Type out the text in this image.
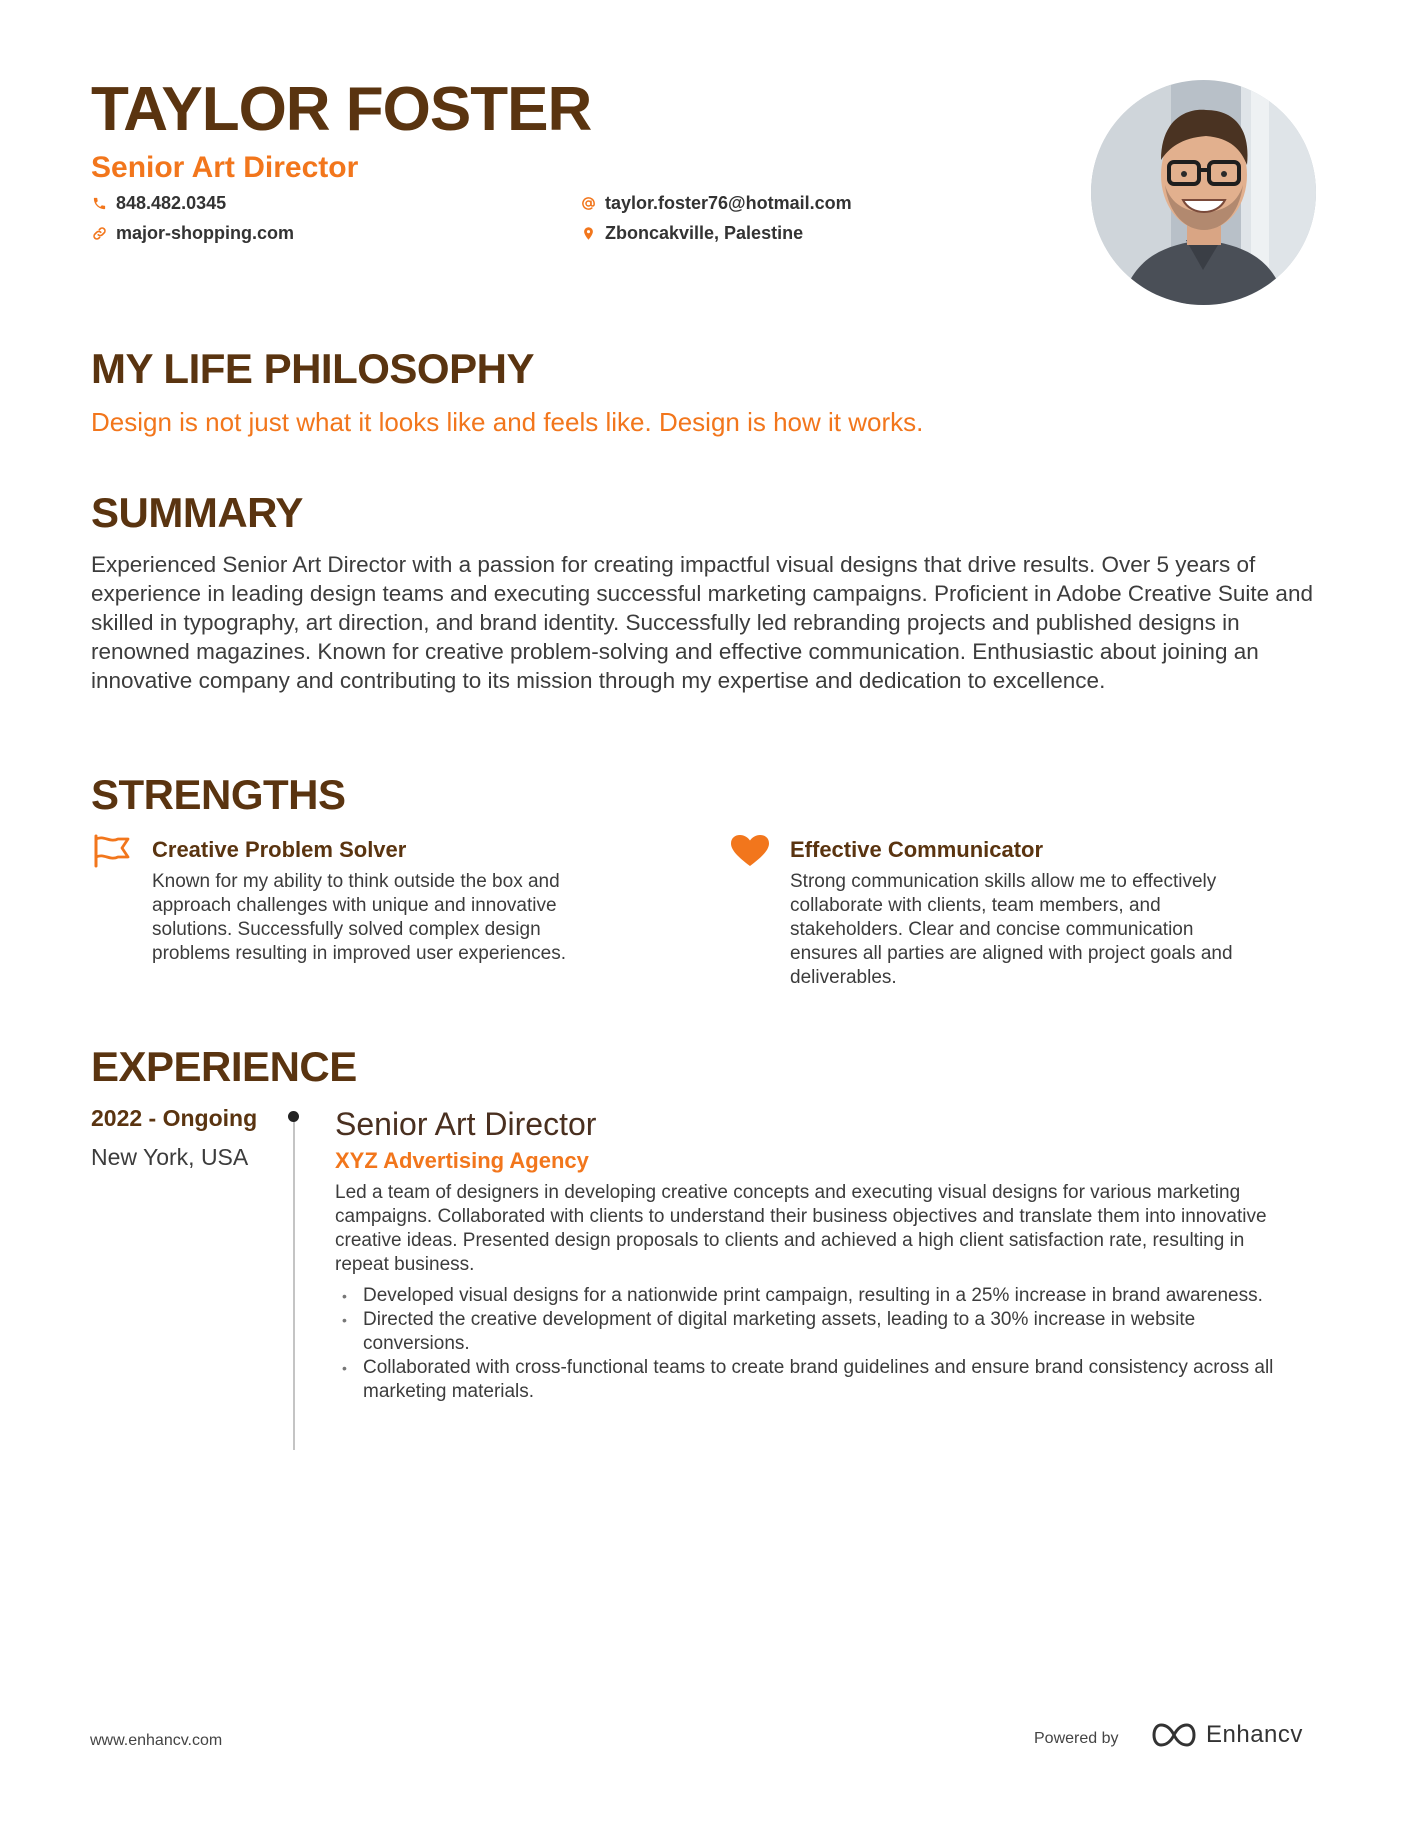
TAYLOR FOSTER
Senior Art Director
848.482.0345
major-shopping.com
taylor.foster76@hotmail.com
Zboncakville, Palestine
MY LIFE PHILOSOPHY
Design is not just what it looks like and feels like. Design is how it works.
SUMMARY

Experienced Senior Art Director with a passion for creating impactful visual designs that drive results. Over 5 years of experience in leading design teams and executing successful marketing campaigns. Proficient in Adobe Creative Suite and skilled in typography, art direction, and brand identity. Successfully led rebranding projects and published designs in renowned magazines. Known for creative problem-solving and effective communication. Enthusiastic about joining an innovative company and contributing to its mission through my expertise and dedication to excellence.

STRENGTHS
Creative Problem Solver

Known for my ability to think outside the box and approach challenges with unique and innovative solutions. Successfully solved complex design problems resulting in improved user experiences.

Effective Communicator

Strong communication skills allow me to effectively collaborate with clients, team members, and stakeholders. Clear and concise communication ensures all parties are aligned with project goals and deliverables.

EXPERIENCE
2022 - Ongoing
New York, USA
Senior Art Director
XYZ Advertising Agency

Led a team of designers in developing creative concepts and executing visual designs for various marketing campaigns. Collaborated with clients to understand their business objectives and translate them into innovative creative ideas. Presented design proposals to clients and achieved a high client satisfaction rate, resulting in repeat business.

• Developed visual designs for a nationwide print campaign, resulting in a 25% increase in brand awareness.
• Directed the creative development of digital marketing assets, leading to a 30% increase in website conversions.
• Collaborated with cross-functional teams to create brand guidelines and ensure brand consistency across all marketing materials.
www.enhancv.com	Powered by	Enhancv
